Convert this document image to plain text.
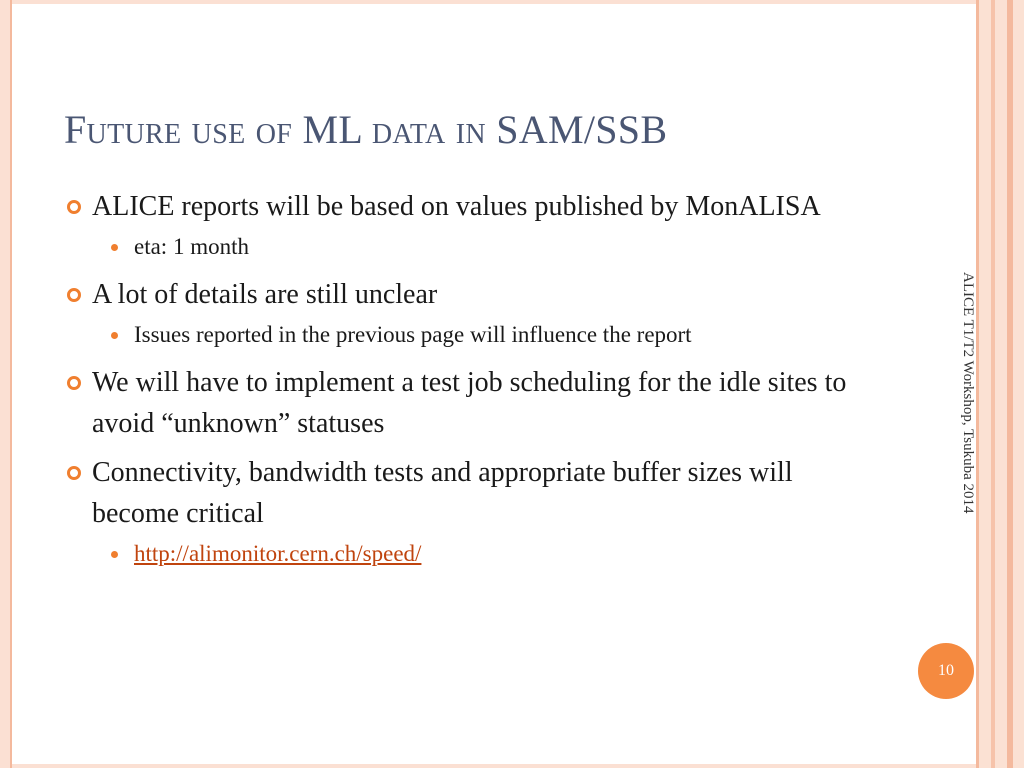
Future use of ML data in SAM/SSB
ALICE reports will be based on values published by MonALISA
eta: 1 month
A lot of details are still unclear
Issues reported in the previous page will influence the report
We will have to implement a test job scheduling for the idle sites to avoid “unknown” statuses
Connectivity, bandwidth tests and appropriate buffer sizes will become critical
http://alimonitor.cern.ch/speed/
ALICE T1/T2 Workshop, Tsukuba 2014
10
